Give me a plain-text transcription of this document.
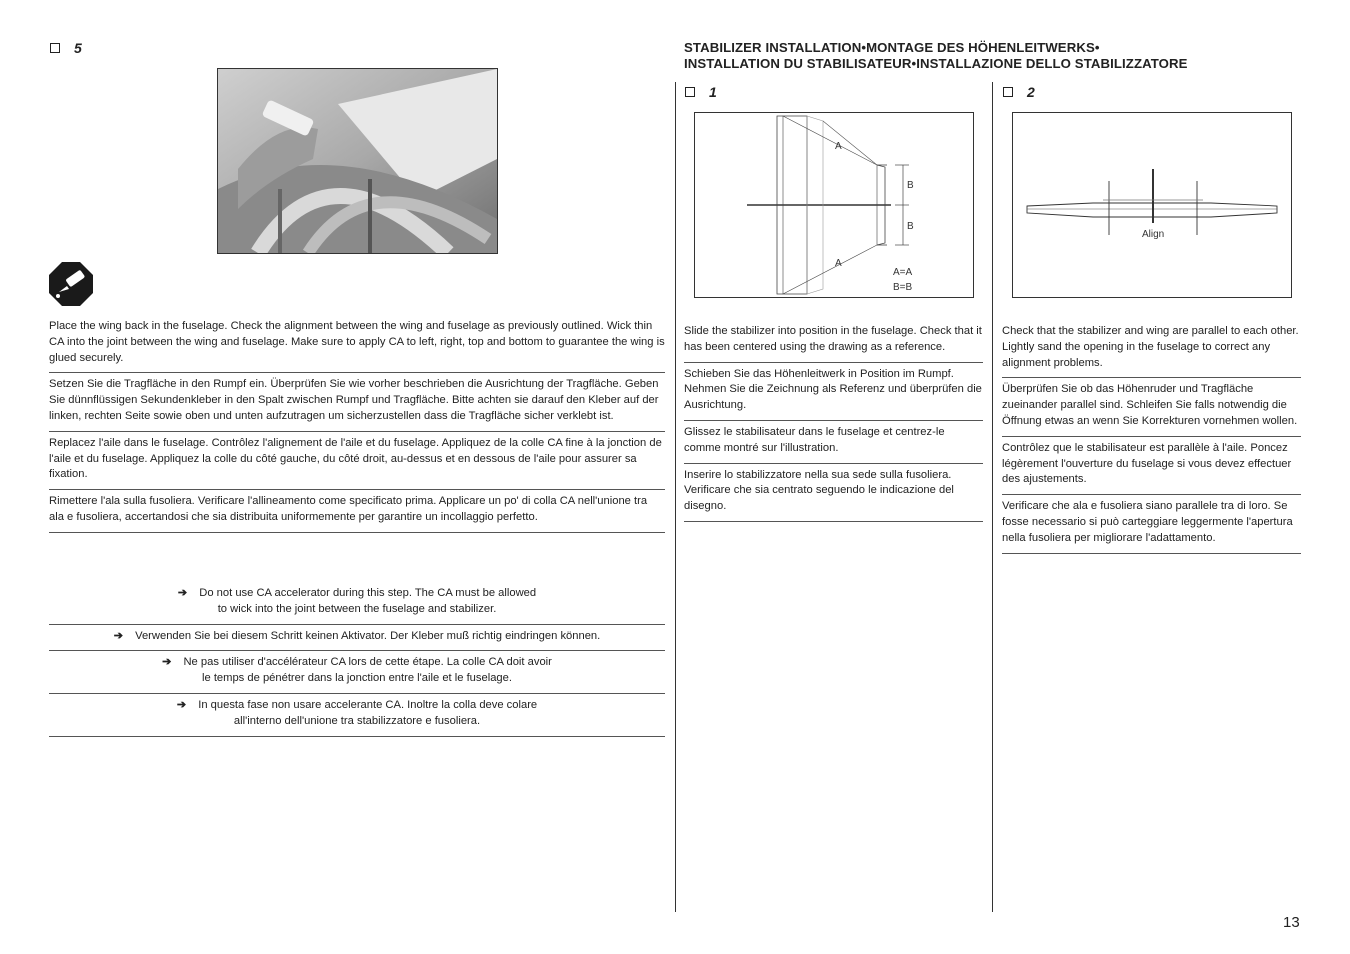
5

Place the wing back in the fuselage. Check the alignment between the wing and fuselage as previously outlined. Wick thin CA into the joint between the wing and fuselage. Make sure to apply CA to left, right, top and bottom to guarantee the wing is glued securely.

Setzen Sie die Tragfläche in den Rumpf ein. Überprüfen Sie wie vorher beschrieben die Ausrichtung der Tragfläche. Geben Sie dünnflüssigen Sekundenkleber in den Spalt zwischen Rumpf und Tragfläche. Bitte achten sie darauf den Kleber auf der linken, rechten Seite sowie oben und unten aufzutragen um sicherzustellen dass die Tragfläche sicher verklebt ist.

Replacez l'aile dans le fuselage. Contrôlez l'alignement de l'aile et du fuselage. Appliquez de la colle CA fine à la jonction de l'aile et du fuselage. Appliquez la colle du côté gauche, du côté droit, au-dessus et en dessous de l'aile pour assurer sa fixation.

Rimettere l'ala sulla fusoliera. Verificare l'allineamento come specificato prima. Applicare un po' di colla CA nell'unione tra ala e fusoliera, accertandosi che sia distribuita uniformemente per garantire un incollaggio perfetto.

➔ Do not use CA accelerator during this step. The CA must be allowed
to wick into the joint between the fuselage and stabilizer.

➔ Verwenden Sie bei diesem Schritt keinen Aktivator. Der Kleber muß richtig eindringen können.

➔ Ne pas utiliser d'accélérateur CA lors de cette étape. La colle CA doit avoir
le temps de pénétrer dans la jonction entre l'aile et le fuselage.

➔ In questa fase non usare accelerante CA. Inoltre la colla deve colare
all'interno dell'unione tra stabilizzatore e fusoliera.

STABILIZER INSTALLATION•MONTAGE DES HÖHENLEITWERKS•
INSTALLATION DU STABILISATEUR•INSTALLAZIONE DELLO STABILIZZATORE
1
A
A
B
B
A=A
B=B

Slide the stabilizer into position in the fuselage. Check that it has been centered using the drawing as a reference.

Schieben Sie das Höhenleitwerk in Position im Rumpf. Nehmen Sie die Zeichnung als Referenz und überprüfen die Ausrichtung.

Glissez le stabilisateur dans le fuselage et centrez-le comme montré sur l'illustration.

Inserire lo stabilizzatore nella sua sede sulla fusoliera. Verificare che sia centrato seguendo le indicazione del disegno.

2
Align

Check that the stabilizer and wing are parallel to each other. Lightly sand the opening in the fuselage to correct any alignment problems.

Überprüfen Sie ob das Höhenruder und Tragfläche zueinander parallel sind. Schleifen Sie falls notwendig die Öffnung etwas an wenn Sie Korrekturen vornehmen wollen.

Contrôlez que le stabilisateur est parallèle à l'aile. Poncez légèrement l'ouverture du fuselage si vous devez effectuer des ajustements.

Verificare che ala e fusoliera siano parallele tra di loro. Se fosse necessario si può carteggiare leggermente l'apertura nella fusoliera per migliorare l'adattamento.

13
